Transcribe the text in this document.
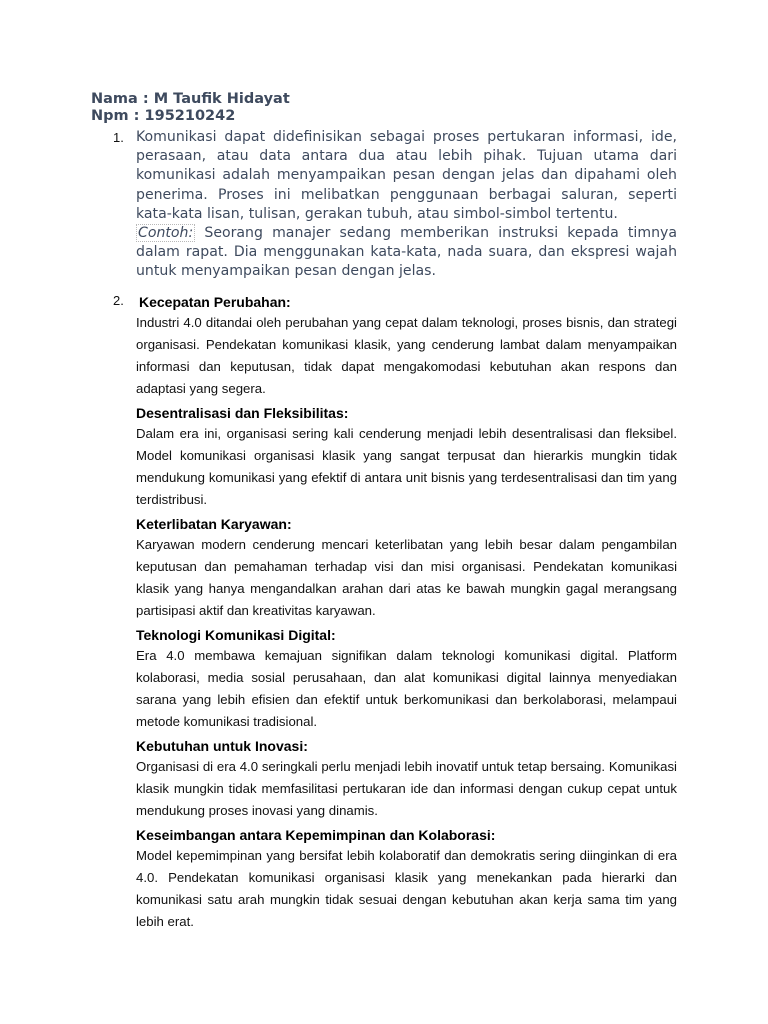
Nama : M Taufik Hidayat
Npm : 195210242
1. Komunikasi dapat didefinisikan sebagai proses pertukaran informasi, ide, perasaan, atau data antara dua atau lebih pihak. Tujuan utama dari komunikasi adalah menyampaikan pesan dengan jelas dan dipahami oleh penerima. Proses ini melibatkan penggunaan berbagai saluran, seperti kata-kata lisan, tulisan, gerakan tubuh, atau simbol-simbol tertentu.

Contoh: Seorang manajer sedang memberikan instruksi kepada timnya dalam rapat. Dia menggunakan kata-kata, nada suara, dan ekspresi wajah untuk menyampaikan pesan dengan jelas.

2. Kecepatan Perubahan:

Industri 4.0 ditandai oleh perubahan yang cepat dalam teknologi, proses bisnis, dan strategi organisasi. Pendekatan komunikasi klasik, yang cenderung lambat dalam menyampaikan informasi dan keputusan, tidak dapat mengakomodasi kebutuhan akan respons dan adaptasi yang segera.

Desentralisasi dan Fleksibilitas:

Dalam era ini, organisasi sering kali cenderung menjadi lebih desentralisasi dan fleksibel. Model komunikasi organisasi klasik yang sangat terpusat dan hierarkis mungkin tidak mendukung komunikasi yang efektif di antara unit bisnis yang terdesentralisasi dan tim yang terdistribusi.

Keterlibatan Karyawan:

Karyawan modern cenderung mencari keterlibatan yang lebih besar dalam pengambilan keputusan dan pemahaman terhadap visi dan misi organisasi. Pendekatan komunikasi klasik yang hanya mengandalkan arahan dari atas ke bawah mungkin gagal merangsang partisipasi aktif dan kreativitas karyawan.

Teknologi Komunikasi Digital:

Era 4.0 membawa kemajuan signifikan dalam teknologi komunikasi digital. Platform kolaborasi, media sosial perusahaan, dan alat komunikasi digital lainnya menyediakan sarana yang lebih efisien dan efektif untuk berkomunikasi dan berkolaborasi, melampaui metode komunikasi tradisional.

Kebutuhan untuk Inovasi:

Organisasi di era 4.0 seringkali perlu menjadi lebih inovatif untuk tetap bersaing. Komunikasi klasik mungkin tidak memfasilitasi pertukaran ide dan informasi dengan cukup cepat untuk mendukung proses inovasi yang dinamis.

Keseimbangan antara Kepemimpinan dan Kolaborasi:

Model kepemimpinan yang bersifat lebih kolaboratif dan demokratis sering diinginkan di era 4.0. Pendekatan komunikasi organisasi klasik yang menekankan pada hierarki dan komunikasi satu arah mungkin tidak sesuai dengan kebutuhan akan kerja sama tim yang lebih erat.
